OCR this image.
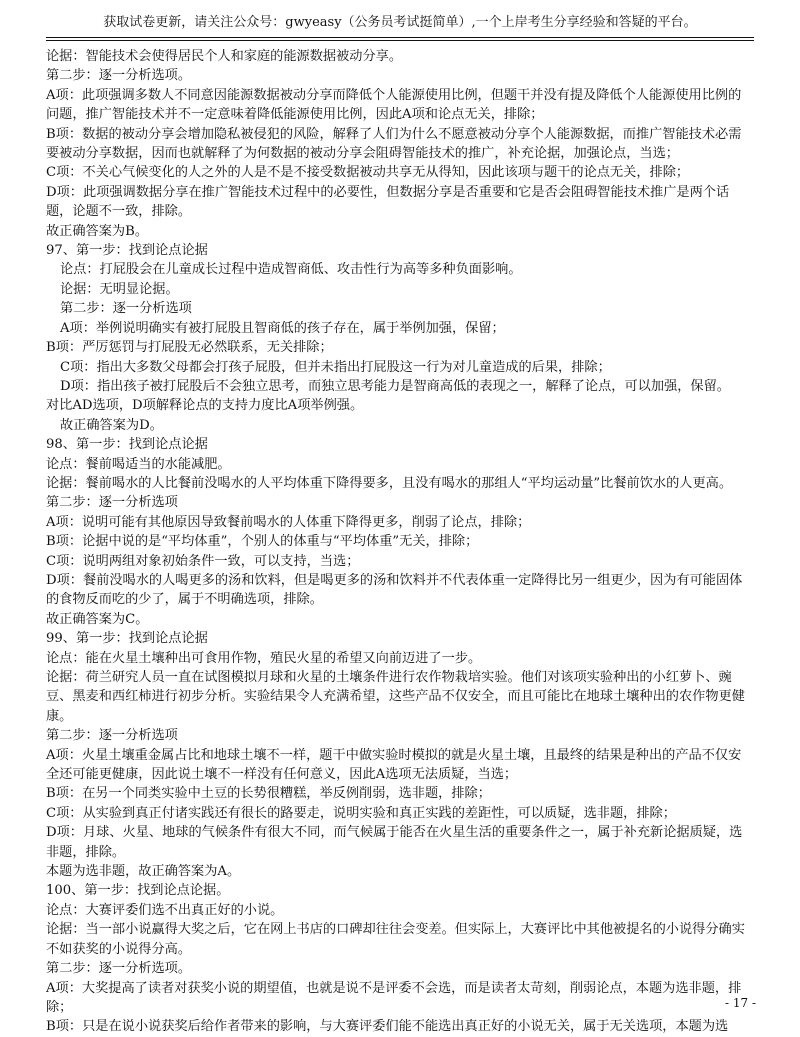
获取试卷更新，请关注公众号：gwyeasy（公务员考试挺简单）,一个上岸考生分享经验和答疑的平台。
论据：智能技术会使得居民个人和家庭的能源数据被动分享。
第二步：逐一分析选项。
A项：此项强调多数人不同意因能源数据被动分享而降低个人能源使用比例，但题干并没有提及降低个人能源使用比例的问题，推广智能技术并不一定意味着降低能源使用比例，因此A项和论点无关，排除；
B项：数据的被动分享会增加隐私被侵犯的风险，解释了人们为什么不愿意被动分享个人能源数据，而推广智能技术必需要被动分享数据，因而也就解释了为何数据的被动分享会阻碍智能技术的推广，补充论据，加强论点，当选；
C项：不关心气候变化的人之外的人是不是不接受数据被动共享无从得知，因此该项与题干的论点无关，排除；
D项：此项强调数据分享在推广智能技术过程中的必要性，但数据分享是否重要和它是否会阻碍智能技术推广是两个话题，论题不一致，排除。
故正确答案为B。
97、第一步：找到论点论据
论点：打屁股会在儿童成长过程中造成智商低、攻击性行为高等多种负面影响。
论据：无明显论据。
第二步：逐一分析选项
A项：举例说明确实有被打屁股且智商低的孩子存在，属于举例加强，保留；
B项：严厉惩罚与打屁股无必然联系，无关排除；
C项：指出大多数父母都会打孩子屁股，但并未指出打屁股这一行为对儿童造成的后果，排除；
D项：指出孩子被打屁股后不会独立思考，而独立思考能力是智商高低的表现之一，解释了论点，可以加强，保留。
对比AD选项，D项解释论点的支持力度比A项举例强。
故正确答案为D。
98、第一步：找到论点论据
论点：餐前喝适当的水能减肥。
论据：餐前喝水的人比餐前没喝水的人平均体重下降得要多，且没有喝水的那组人“平均运动量”比餐前饮水的人更高。
第二步：逐一分析选项
A项：说明可能有其他原因导致餐前喝水的人体重下降得更多，削弱了论点，排除；
B项：论据中说的是“平均体重”，个别人的体重与“平均体重”无关，排除；
C项：说明两组对象初始条件一致，可以支持，当选；
D项：餐前没喝水的人喝更多的汤和饮料，但是喝更多的汤和饮料并不代表体重一定降得比另一组更少，因为有可能固体的食物反而吃的少了，属于不明确选项，排除。
故正确答案为C。
99、第一步：找到论点论据
论点：能在火星土壤种出可食用作物，殖民火星的希望又向前迈进了一步。
论据：荷兰研究人员一直在试图模拟月球和火星的土壤条件进行农作物栽培实验。他们对该项实验种出的小红萝卜、豌豆、黑麦和西红柿进行初步分析。实验结果令人充满希望，这些产品不仅安全，而且可能比在地球土壤种出的农作物更健康。
第二步：逐一分析选项
A项：火星土壤重金属占比和地球土壤不一样，题干中做实验时模拟的就是火星土壤，且最终的结果是种出的产品不仅安全还可能更健康，因此说土壤不一样没有任何意义，因此A选项无法质疑，当选；
B项：在另一个同类实验中土豆的长势很糟糕，举反例削弱，选非题，排除；
C项：从实验到真正付诸实践还有很长的路要走，说明实验和真正实践的差距性，可以质疑，选非题，排除；
D项：月球、火星、地球的气候条件有很大不同，而气候属于能否在火星生活的重要条件之一，属于补充新论据质疑，选非题，排除。
本题为选非题，故正确答案为A。
100、第一步：找到论点论据。
论点：大赛评委们选不出真正好的小说。
论据：当一部小说赢得大奖之后，它在网上书店的口碑却往往会变差。但实际上，大赛评比中其他被提名的小说得分确实不如获奖的小说得分高。
第二步：逐一分析选项。
A项：大奖提高了读者对获奖小说的期望值，也就是说不是评委不会选，而是读者太苛刻，削弱论点，本题为选非题，排除；
B项：只是在说小说获奖后给作者带来的影响，与大赛评委们能不能选出真正好的小说无关，属于无关选项，本题为选
- 17 -
